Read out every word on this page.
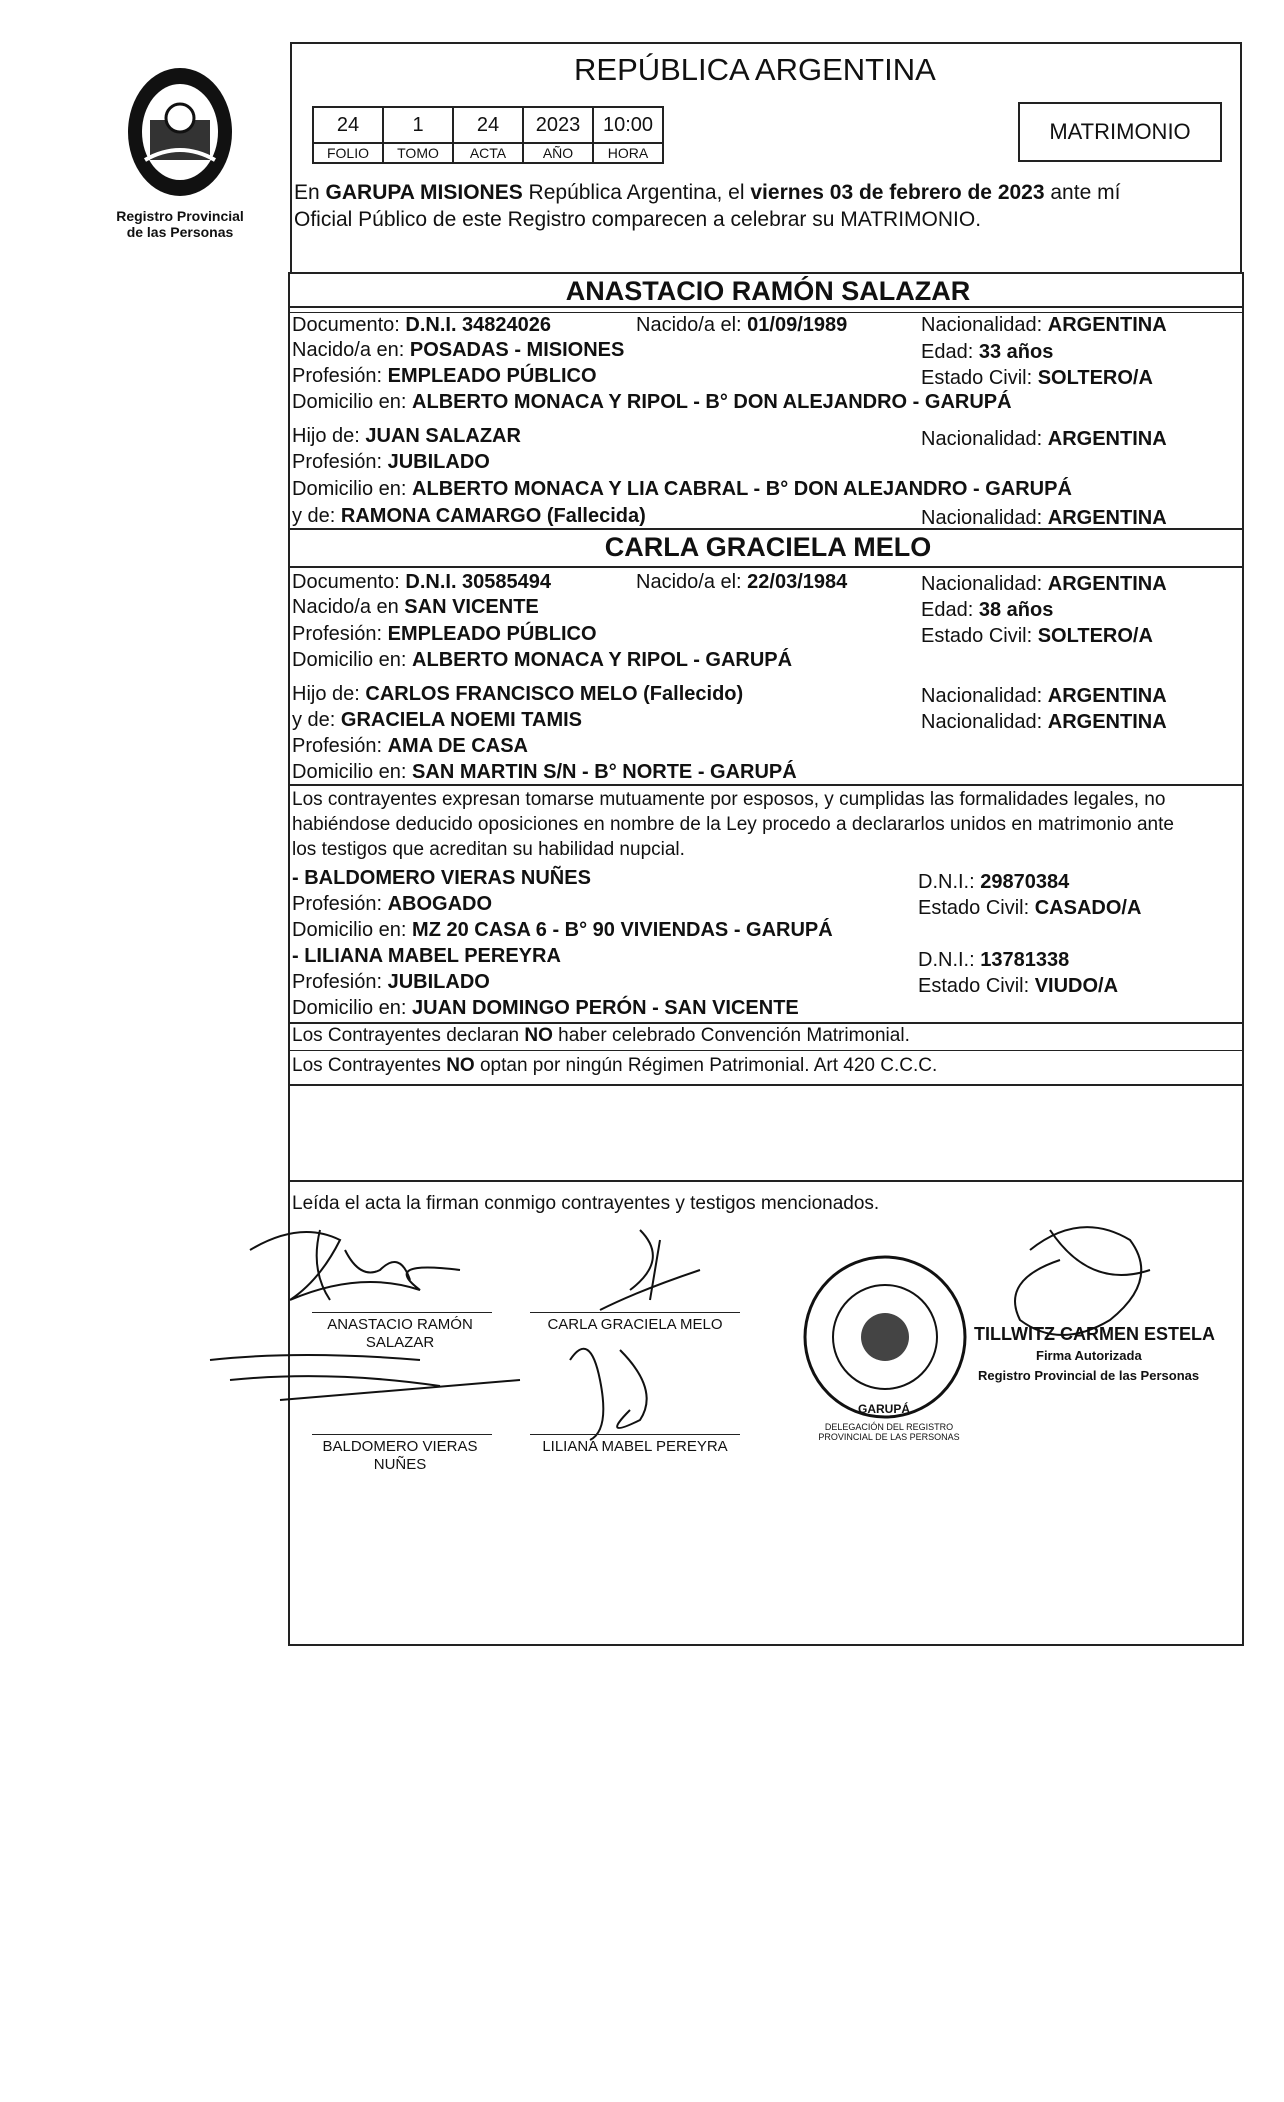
Registro Provincial
de las Personas
REPÚBLICA ARGENTINA
24	1	24	2023	10:00
FOLIO	TOMO	ACTA	AÑO	HORA
MATRIMONIO
En GARUPA MISIONES República Argentina, el viernes 03 de febrero de 2023 ante mí
Oficial Público de este Registro comparecen a celebrar su MATRIMONIO.
ANASTACIO RAMÓN SALAZAR
Documento: D.N.I. 34824026	Nacido/a el: 01/09/1989	Nacionalidad: ARGENTINA
Nacido/a en: POSADAS - MISIONES	Edad: 33 años
Profesión: EMPLEADO PÚBLICO	Estado Civil: SOLTERO/A
Domicilio en: ALBERTO MONACA Y RIPOL - B° DON ALEJANDRO - GARUPÁ
Hijo de: JUAN SALAZAR	Nacionalidad: ARGENTINA
Profesión: JUBILADO
Domicilio en: ALBERTO MONACA Y LIA CABRAL - B° DON ALEJANDRO - GARUPÁ
y de: RAMONA CAMARGO (Fallecida)	Nacionalidad: ARGENTINA
CARLA GRACIELA MELO
Documento: D.N.I. 30585494	Nacido/a el: 22/03/1984	Nacionalidad: ARGENTINA
Nacido/a en SAN VICENTE	Edad: 38 años
Profesión: EMPLEADO PÚBLICO	Estado Civil: SOLTERO/A
Domicilio en: ALBERTO MONACA Y RIPOL - GARUPÁ
Hijo de: CARLOS FRANCISCO MELO (Fallecido)	Nacionalidad: ARGENTINA
y de: GRACIELA NOEMI TAMIS	Nacionalidad: ARGENTINA
Profesión: AMA DE CASA
Domicilio en: SAN MARTIN S/N - B° NORTE - GARUPÁ
Los contrayentes expresan tomarse mutuamente por esposos, y cumplidas las formalidades legales, no
habiéndose deducido oposiciones en nombre de la Ley procedo a declararlos unidos en matrimonio ante
los testigos que acreditan su habilidad nupcial.
- BALDOMERO VIERAS NUÑES	D.N.I.: 29870384
Profesión: ABOGADO	Estado Civil: CASADO/A
Domicilio en: MZ 20 CASA 6 - B° 90 VIVIENDAS - GARUPÁ
- LILIANA MABEL PEREYRA	D.N.I.: 13781338
Profesión: JUBILADO	Estado Civil: VIUDO/A
Domicilio en: JUAN DOMINGO PERÓN - SAN VICENTE
Los Contrayentes declaran NO haber celebrado Convención Matrimonial.
Los Contrayentes NO optan por ningún Régimen Patrimonial. Art 420 C.C.C.
Leída el acta la firman conmigo contrayentes y testigos mencionados.
ANASTACIO RAMÓN
SALAZAR
CARLA GRACIELA MELO
BALDOMERO VIERAS
NUÑES
LILIANA MABEL PEREYRA
DELEGACIÓN DEL REGISTRO PROVINCIAL DE LAS PERSONAS
GARUPÁ
TILLWITZ CARMEN ESTELA
Firma Autorizada
Registro Provincial de las Personas
